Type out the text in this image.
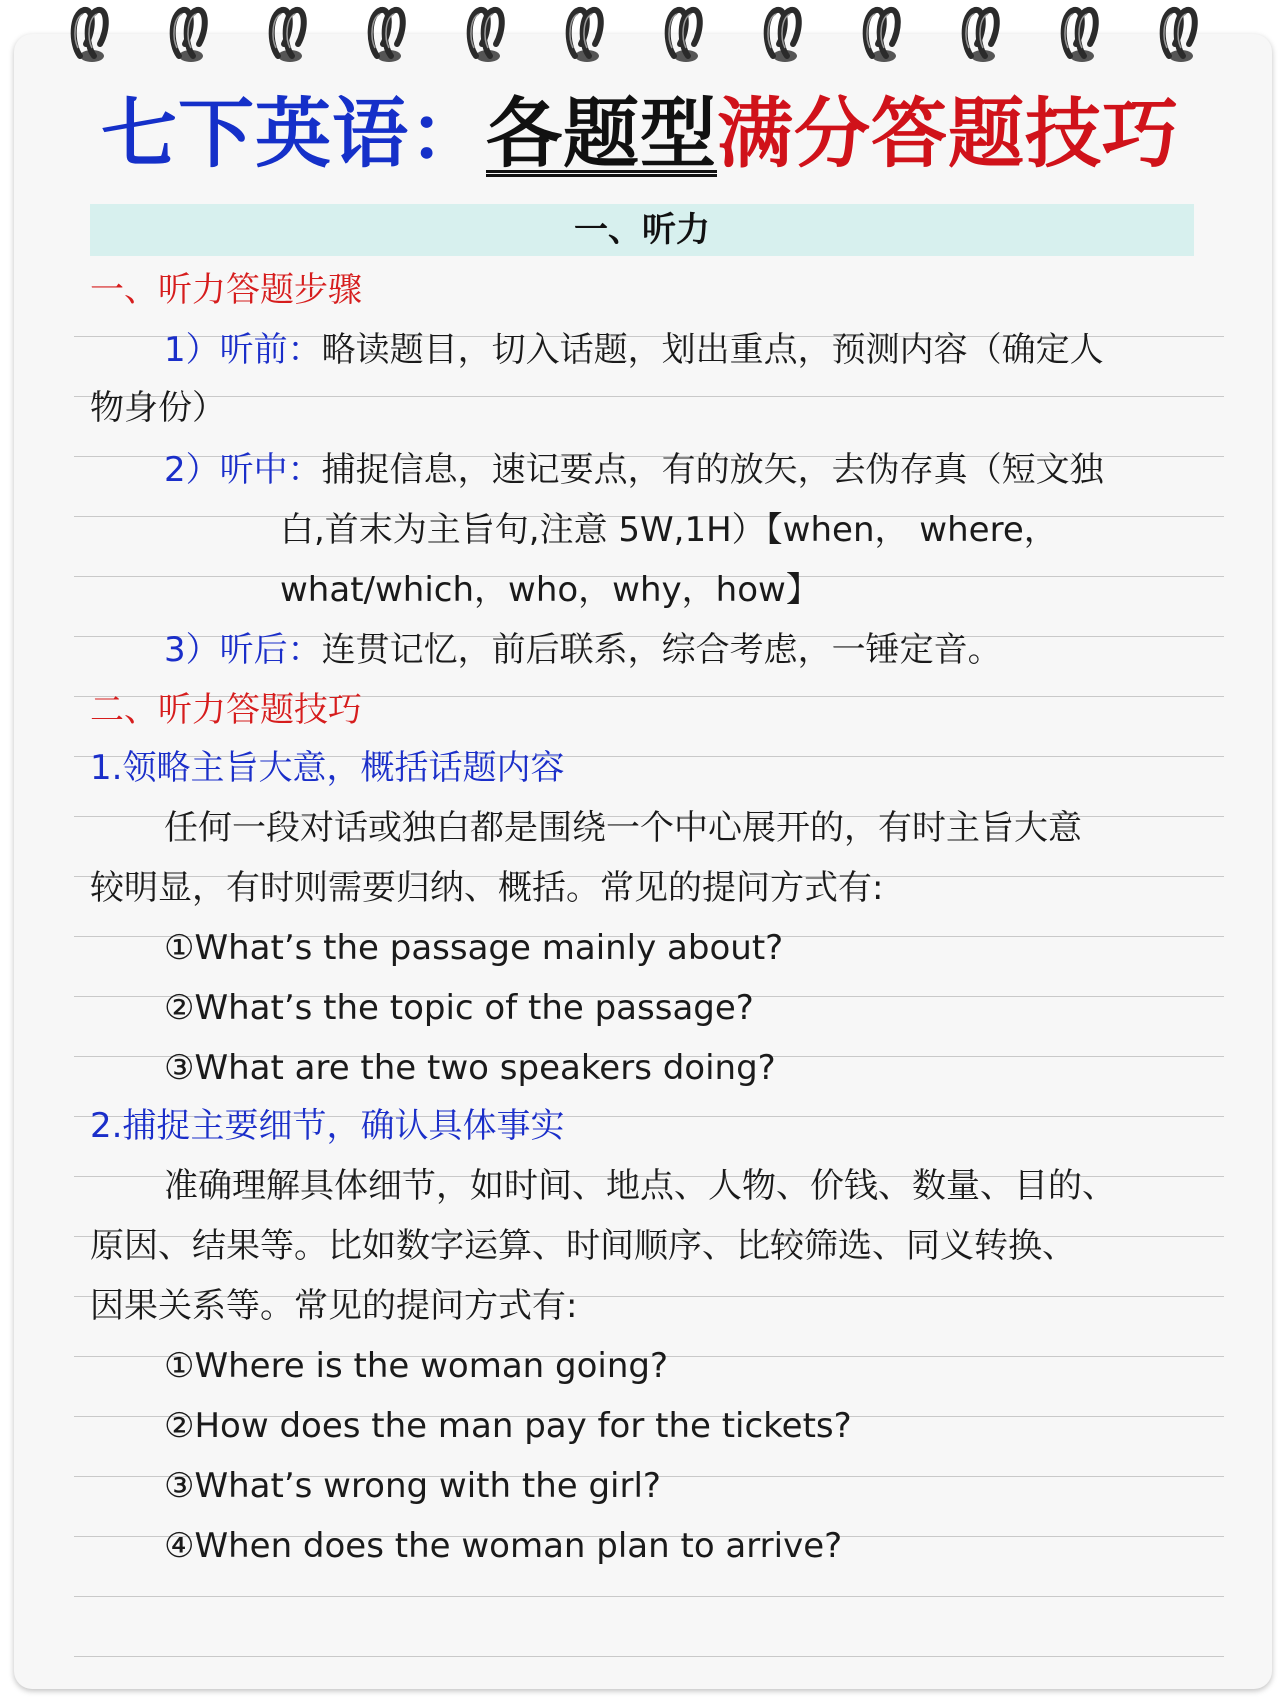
七下英语：各题型满分答题技巧
一、听力
一、听力答题步骤
1）听前：略读题目，切入话题，划出重点，预测内容（确定人
物身份）
2）听中：捕捉信息，速记要点，有的放矢，去伪存真（短文独
白,首末为主旨句,注意 5W,1H）【when， where，
what/which，who，why，how】
3）听后：连贯记忆，前后联系，综合考虑，一锤定音。
二、听力答题技巧
1.领略主旨大意，概括话题内容
任何一段对话或独白都是围绕一个中心展开的，有时主旨大意
较明显，有时则需要归纳、概括。常见的提问方式有:
①What’s the passage mainly about?
②What’s the topic of the passage?
③What are the two speakers doing?
2.捕捉主要细节，确认具体事实
准确理解具体细节，如时间、地点、人物、价钱、数量、目的、
原因、结果等。比如数字运算、时间顺序、比较筛选、同义转换、
因果关系等。常见的提问方式有:
①Where is the woman going?
②How does the man pay for the tickets?
③What’s wrong with the girl?
④When does the woman plan to arrive?
